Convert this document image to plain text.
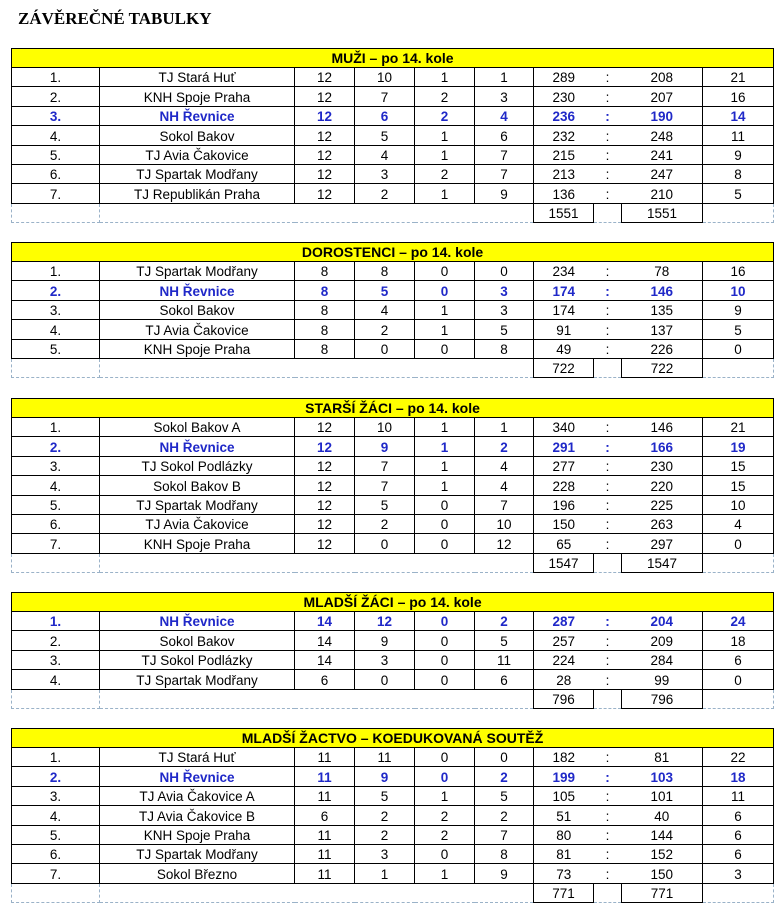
ZÁVĚREČNÉ TABULKY
MUŽI – po 14. kole									
1.	TJ Stará Huť	12	10	1	1	289	:	208	21
2.	KNH Spoje Praha	12	7	2	3	230	:	207	16
3.	NH Řevnice	12	6	2	4	236	:	190	14
4.	Sokol Bakov	12	5	1	6	232	:	248	11
5.	TJ Avia Čakovice	12	4	1	7	215	:	241	9
6.	TJ Spartak Modřany	12	3	2	7	213	:	247	8
7.	TJ Republikán Praha	12	2	1	9	136	:	210	5
						1551		1551	
DOROSTENCI – po 14. kole									
1.	TJ Spartak Modřany	8	8	0	0	234	:	78	16
2.	NH Řevnice	8	5	0	3	174	:	146	10
3.	Sokol Bakov	8	4	1	3	174	:	135	9
4.	TJ Avia Čakovice	8	2	1	5	91	:	137	5
5.	KNH Spoje Praha	8	0	0	8	49	:	226	0
						722		722	
STARŠÍ ŽÁCI – po 14. kole									
1.	Sokol Bakov A	12	10	1	1	340	:	146	21
2.	NH Řevnice	12	9	1	2	291	:	166	19
3.	TJ Sokol Podlázky	12	7	1	4	277	:	230	15
4.	Sokol Bakov B	12	7	1	4	228	:	220	15
5.	TJ Spartak Modřany	12	5	0	7	196	:	225	10
6.	TJ Avia Čakovice	12	2	0	10	150	:	263	4
7.	KNH Spoje Praha	12	0	0	12	65	:	297	0
						1547		1547	
MLADŠÍ ŽÁCI – po 14. kole									
1.	NH Řevnice	14	12	0	2	287	:	204	24
2.	Sokol Bakov	14	9	0	5	257	:	209	18
3.	TJ Sokol Podlázky	14	3	0	11	224	:	284	6
4.	TJ Spartak Modřany	6	0	0	6	28	:	99	0
						796		796	
MLADŠÍ ŽACTVO – KOEDUKOVANÁ SOUTĚŽ									
1.	TJ Stará Huť	11	11	0	0	182	:	81	22
2.	NH Řevnice	11	9	0	2	199	:	103	18
3.	TJ Avia Čakovice A	11	5	1	5	105	:	101	11
4.	TJ Avia Čakovice B	6	2	2	2	51	:	40	6
5.	KNH Spoje Praha	11	2	2	7	80	:	144	6
6.	TJ Spartak Modřany	11	3	0	8	81	:	152	6
7.	Sokol Březno	11	1	1	9	73	:	150	3
						771		771	
